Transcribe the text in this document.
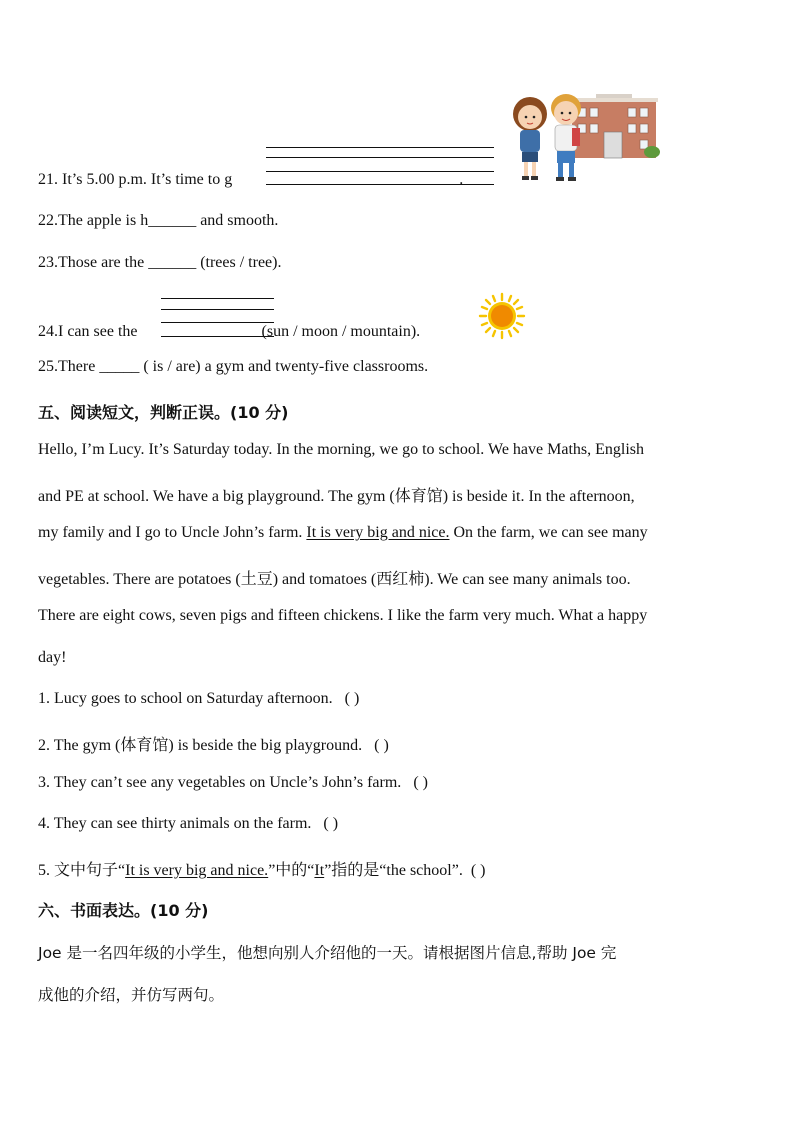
21. It’s 5.00 p.m. It’s time to g	.
22.The apple is h______ and smooth.
23.Those are the ______ (trees / tree).
24.I can see the	(sun / moon / mountain).
25.There _____ ( is / are) a gym and twenty-five classrooms.
五、阅读短文，判断正误。(10 分)
Hello, I’m Lucy. It’s Saturday today. In the morning, we go to school. We have Maths, English
and PE at school. We have a big playground. The gym (体育馆) is beside it. In the afternoon,
my family and I go to Uncle John’s farm. It is very big and nice. On the farm, we can see many
vegetables. There are potatoes (土豆) and tomatoes (西红柿). We can see many animals too.
There are eight cows, seven pigs and fifteen chickens. I like the farm very much. What a happy
day!
1. Lucy goes to school on Saturday afternoon. ( )
2. The gym (体育馆) is beside the big playground. ( )
3. They can’t see any vegetables on Uncle’s John’s farm. ( )
4. They can see thirty animals on the farm. ( )
5. 文中句子“It is very big and nice.”中的“It”指的是“the school”. ( )
六、书面表达。(10 分)
Joe 是一名四年级的小学生，他想向别人介绍他的一天。请根据图片信息,帮助 Joe 完
成他的介绍，并仿写两句。
